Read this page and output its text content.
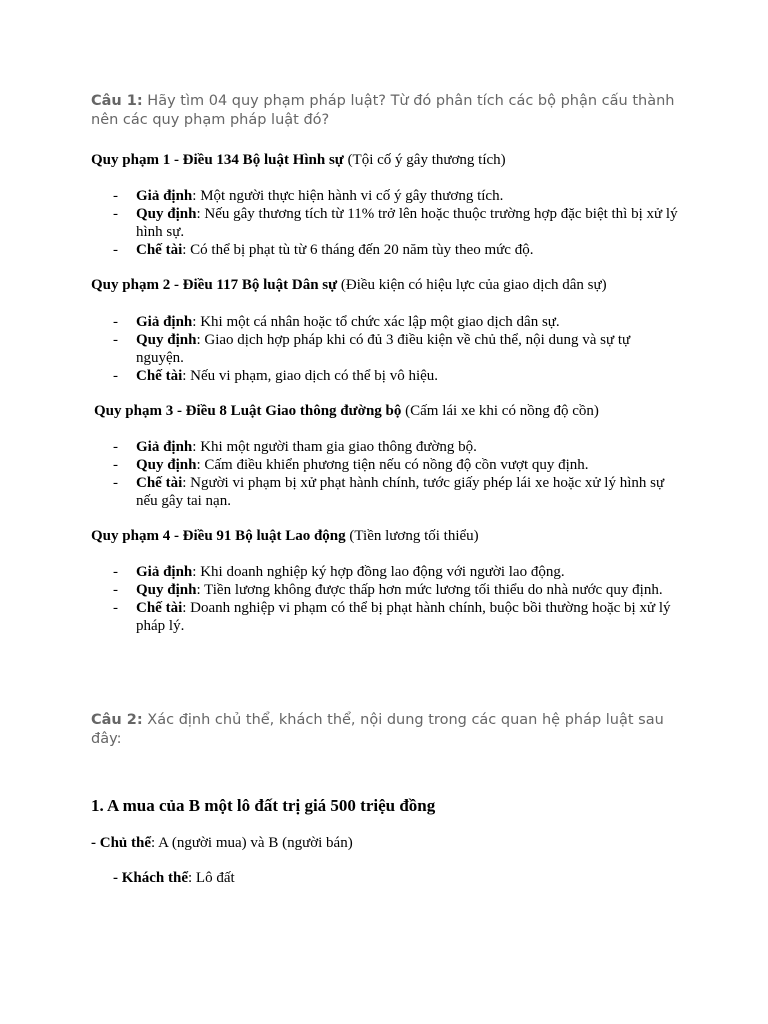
Câu 1: Hãy tìm 04 quy phạm pháp luật? Từ đó phân tích các bộ phận cấu thành nên các quy phạm pháp luật đó?
Quy phạm 1 - Điều 134 Bộ luật Hình sự (Tội cố ý gây thương tích)
- Giả định: Một người thực hiện hành vi cố ý gây thương tích.
- Quy định: Nếu gây thương tích từ 11% trở lên hoặc thuộc trường hợp đặc biệt thì bị xử lý hình sự.
- Chế tài: Có thể bị phạt tù từ 6 tháng đến 20 năm tùy theo mức độ.
Quy phạm 2 - Điều 117 Bộ luật Dân sự (Điều kiện có hiệu lực của giao dịch dân sự)
- Giả định: Khi một cá nhân hoặc tổ chức xác lập một giao dịch dân sự.
- Quy định: Giao dịch hợp pháp khi có đủ 3 điều kiện về chủ thể, nội dung và sự tự nguyện.
- Chế tài: Nếu vi phạm, giao dịch có thể bị vô hiệu.
Quy phạm 3 - Điều 8 Luật Giao thông đường bộ (Cấm lái xe khi có nồng độ cồn)
- Giả định: Khi một người tham gia giao thông đường bộ.
- Quy định: Cấm điều khiển phương tiện nếu có nồng độ cồn vượt quy định.
- Chế tài: Người vi phạm bị xử phạt hành chính, tước giấy phép lái xe hoặc xử lý hình sự nếu gây tai nạn.
Quy phạm 4 - Điều 91 Bộ luật Lao động (Tiền lương tối thiểu)
- Giả định: Khi doanh nghiệp ký hợp đồng lao động với người lao động.
- Quy định: Tiền lương không được thấp hơn mức lương tối thiểu do nhà nước quy định.
- Chế tài: Doanh nghiệp vi phạm có thể bị phạt hành chính, buộc bồi thường hoặc bị xử lý pháp lý.
Câu 2: Xác định chủ thể, khách thể, nội dung trong các quan hệ pháp luật sau đây:
1. A mua của B một lô đất trị giá 500 triệu đồng
- Chủ thể: A (người mua) và B (người bán)
- Khách thể: Lô đất
